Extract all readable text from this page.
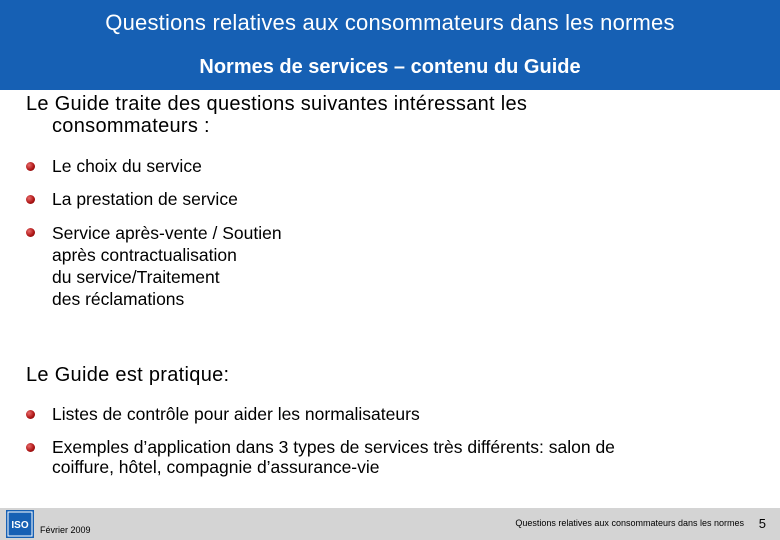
Questions relatives aux consommateurs dans les normes
Normes de services – contenu du Guide
Le Guide traite des questions suivantes intéressant les
consommateurs :
Le choix du service
La prestation de service
Service après-vente / Soutien
après contractualisation
du service/Traitement
des réclamations
Le Guide est pratique:
Listes de contrôle pour aider les normalisateurs
Exemples d’application dans 3 types de services très différents: salon de
coiffure, hôtel, compagnie d’assurance-vie
ISO Février 2009
Questions relatives aux consommateurs dans les normes 5
